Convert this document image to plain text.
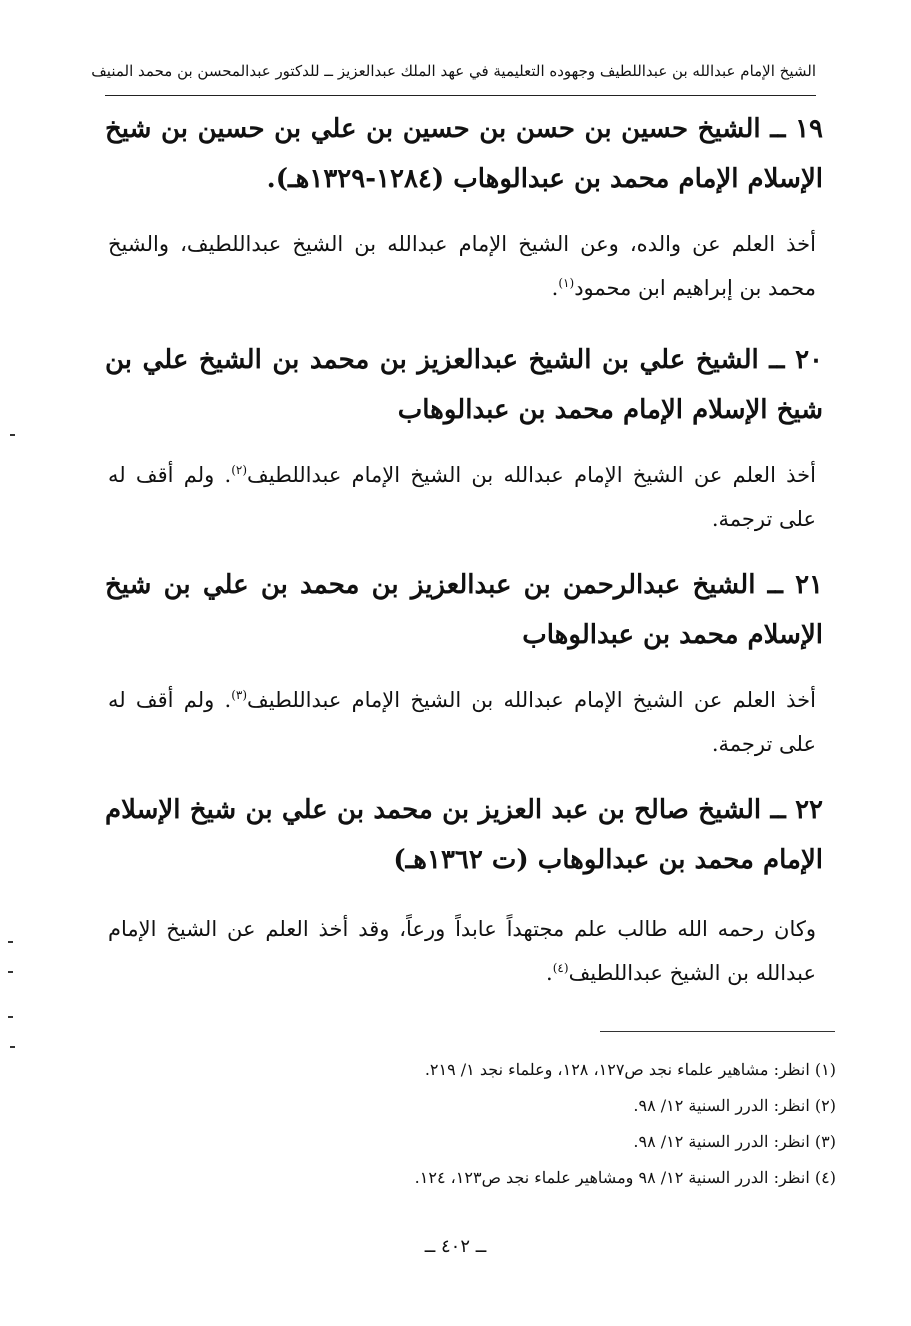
الشيخ الإمام عبدالله بن عبداللطيف وجهوده التعليمية في عهد الملك عبدالعزيز ــ للدكتور عبدالمحسن بن محمد المنيف
١٩ ــ الشيخ حسين بن حسن بن حسين بن علي بن حسين بن شيخ الإسلام الإمام محمد بن عبدالوهاب (١٢٨٤-١٣٢٩هـ).
أخذ العلم عن والده، وعن الشيخ الإمام عبدالله بن الشيخ عبداللطيف، والشيخ محمد بن إبراهيم ابن محمود$^{(١)}$.
٢٠ ــ الشيخ علي بن الشيخ عبدالعزيز بن محمد بن الشيخ علي بن شيخ الإسلام الإمام محمد بن عبدالوهاب
أخذ العلم عن الشيخ الإمام عبدالله بن الشيخ الإمام عبداللطيف$^{(٢)}$. ولم أقف له على ترجمة.
٢١ ــ الشيخ عبدالرحمن بن عبدالعزيز بن محمد بن علي بن شيخ الإسلام محمد بن عبدالوهاب
أخذ العلم عن الشيخ الإمام عبدالله بن الشيخ الإمام عبداللطيف$^{(٣)}$. ولم أقف له على ترجمة.
٢٢ ــ الشيخ صالح بن عبد العزيز بن محمد بن علي بن شيخ الإسلام الإمام محمد بن عبدالوهاب (ت ١٣٦٢هـ)
وكان رحمه الله طالب علم مجتهداً عابداً ورعاً، وقد أخذ العلم عن الشيخ الإمام عبدالله بن الشيخ عبداللطيف$^{(٤)}$.
(١) انظر: مشاهير علماء نجد ص١٢٧، ١٢٨، وعلماء نجد ١/ ٢١٩.
(٢) انظر: الدرر السنية ١٢/ ٩٨.
(٣) انظر: الدرر السنية ١٢/ ٩٨.
(٤) انظر: الدرر السنية ١٢/ ٩٨ ومشاهير علماء نجد ص١٢٣، ١٢٤.
ــ ٤٠٢ ــ
